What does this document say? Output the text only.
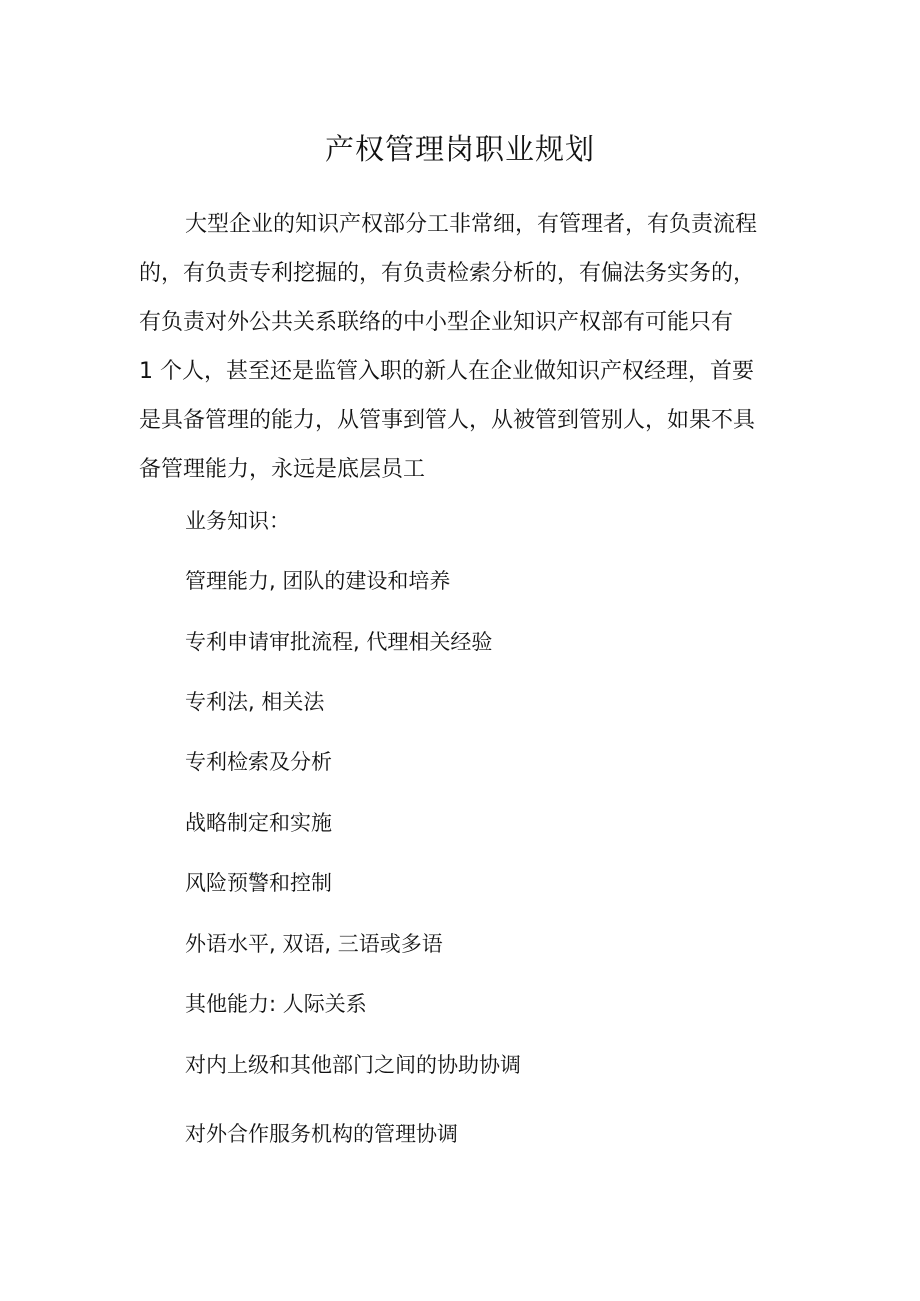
产权管理岗职业规划
大型企业的知识产权部分工非常细，有管理者，有负责流程
的，有负责专利挖掘的，有负责检索分析的，有偏法务实务的，
有负责对外公共关系联络的中小型企业知识产权部有可能只有
1 个人，甚至还是监管入职的新人在企业做知识产权经理，首要
是具备管理的能力，从管事到管人，从被管到管别人，如果不具
备管理能力，永远是底层员工
业务知识：
管理能力, 团队的建设和培养
专利申请审批流程, 代理相关经验
专利法, 相关法
专利检索及分析
战略制定和实施
风险预警和控制
外语水平, 双语, 三语或多语
其他能力: 人际关系
对内上级和其他部门之间的协助协调
对外合作服务机构的管理协调
